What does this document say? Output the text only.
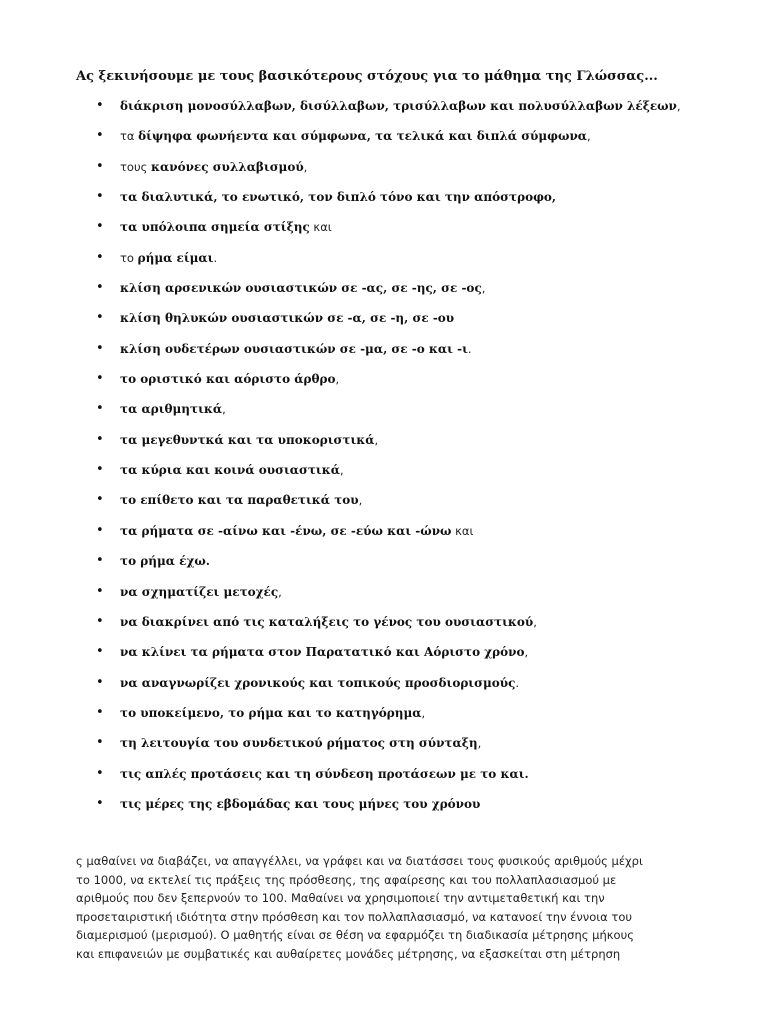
Ας ξεκινήσουμε με τους βασικότερους στόχους για το μάθημα της Γλώσσας...

• διάκριση μονοσύλλαβων, δισύλλαβων, τρισύλλαβων και πολυσύλλαβων λέξεων,
• τα δίψηφα φωνήεντα και σύμφωνα, τα τελικά και διπλά σύμφωνα,
• τους κανόνες συλλαβισμού,
• τα διαλυτικά, το ενωτικό, τον διπλό τόνο και την απόστροφο,
• τα υπόλοιπα σημεία στίξης και
• το ρήμα είμαι.
• κλίση αρσενικών ουσιαστικών σε -ας, σε -ης, σε -ος,
• κλίση θηλυκών ουσιαστικών σε -α, σε -η, σε -ου
• κλίση ουδετέρων ουσιαστικών σε -μα, σε -ο και -ι.
• το οριστικό και αόριστο άρθρο,
• τα αριθμητικά,
• τα μεγεθυντκά και τα υποκοριστικά,
• τα κύρια και κοινά ουσιαστικά,
• το επίθετο και τα παραθετικά του,
• τα ρήματα σε -αίνω και -ένω, σε -εύω και -ώνω και
• το ρήμα έχω.
• να σχηματίζει μετοχές,
• να διακρίνει από τις καταλήξεις το γένος του ουσιαστικού,
• να κλίνει τα ρήματα στον Παρατατικό και Αόριστο χρόνο,
• να αναγνωρίζει χρονικούς και τοπικούς προσδιορισμούς.
• το υποκείμενο, το ρήμα και το κατηγόρημα,
• τη λειτουγία του συνδετικού ρήματος στη σύνταξη,
• τις απλές προτάσεις και τη σύνδεση προτάσεων με το και.
• τις μέρες της εβδομάδας και τους μήνες του χρόνου
ς μαθαίνει να διαβάζει, να απαγγέλλει, να γράφει και να διατάσσει τους φυσικούς αριθμούς μέχρι
το 1000, να εκτελεί τις πράξεις της πρόσθεσης, της αφαίρεσης και του πολλαπλασιασμού με
αριθμούς που δεν ξεπερνούν το 100. Μαθαίνει να χρησιμοποιεί την αντιμεταθετική και την
προσεταιριστική ιδιότητα στην πρόσθεση και τον πολλαπλασιασμό, να κατανοεί την έννοια του
διαμερισμού (μερισμού). Ο μαθητής είναι σε θέση να εφαρμόζει τη διαδικασία μέτρησης μήκους
και επιφανειών με συμβατικές και αυθαίρετες μονάδες μέτρησης, να εξασκείται στη μέτρηση
